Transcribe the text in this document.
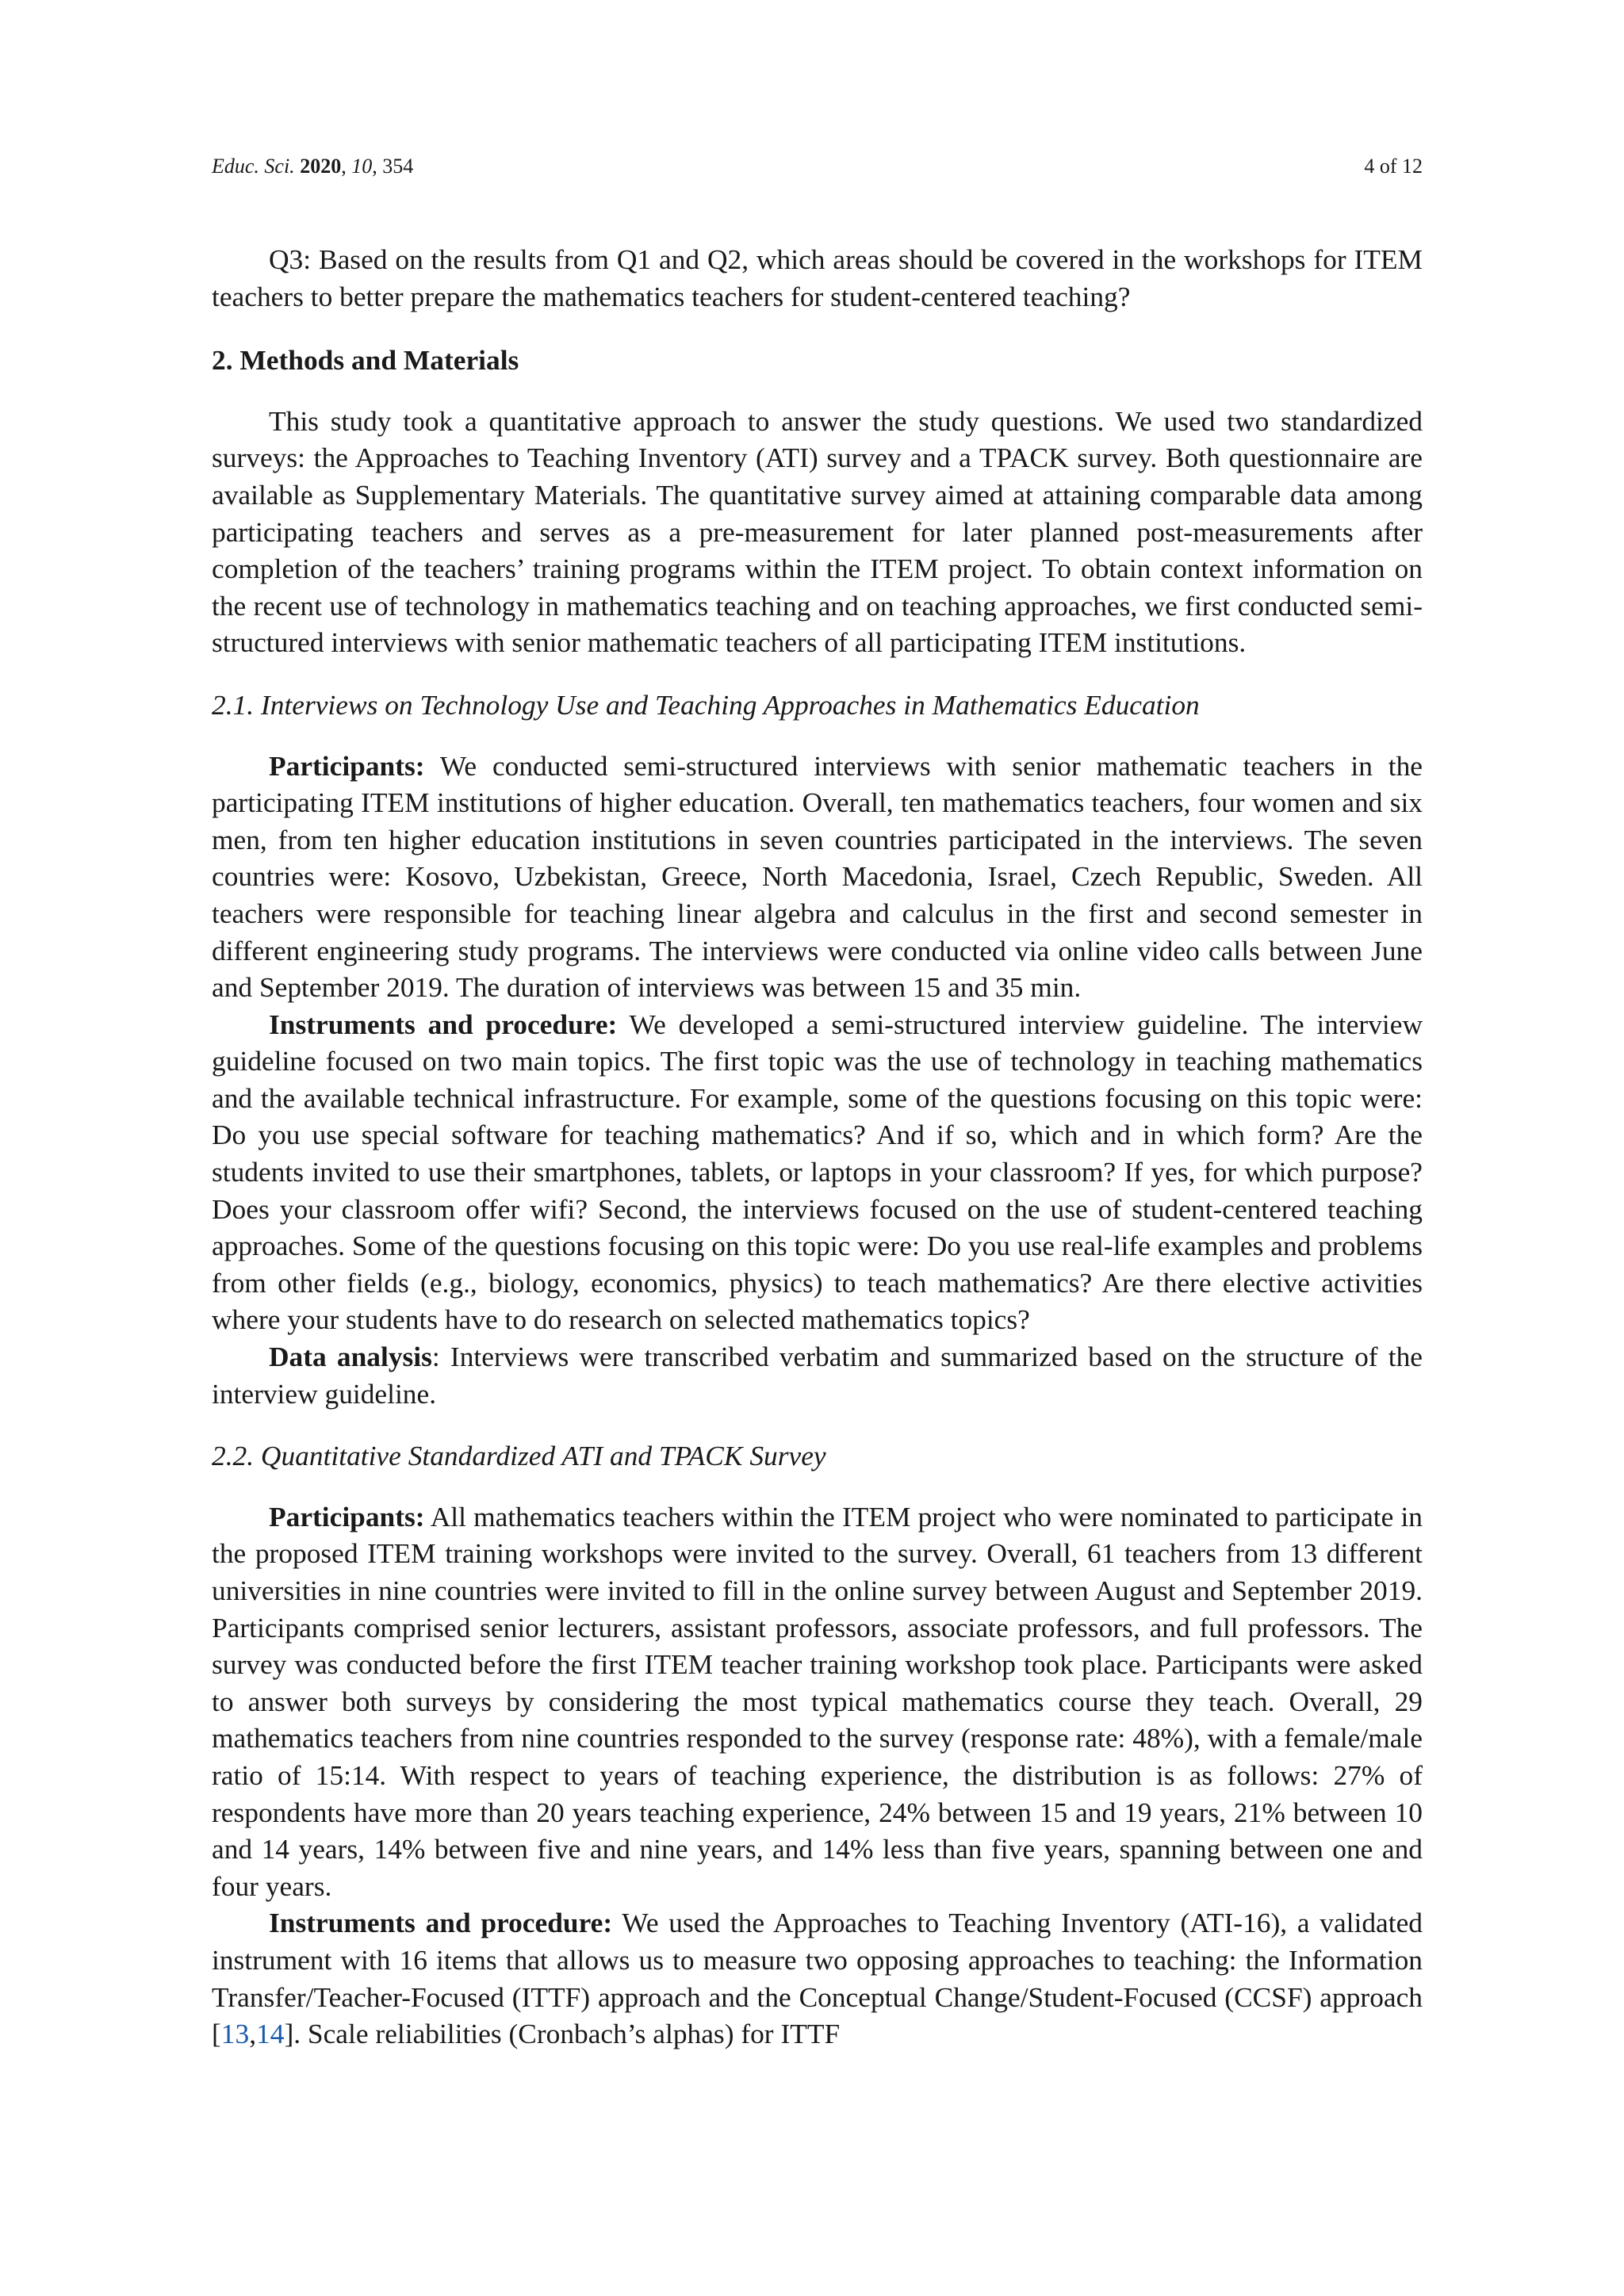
Educ. Sci. 2020, 10, 354	4 of 12

Q3: Based on the results from Q1 and Q2, which areas should be covered in the workshops for ITEM teachers to better prepare the mathematics teachers for student-centered teaching?

2. Methods and Materials

This study took a quantitative approach to answer the study questions. We used two standardized surveys: the Approaches to Teaching Inventory (ATI) survey and a TPACK survey. Both questionnaire are available as Supplementary Materials. The quantitative survey aimed at attaining comparable data among participating teachers and serves as a pre-measurement for later planned post-measurements after completion of the teachers’ training programs within the ITEM project. To obtain context information on the recent use of technology in mathematics teaching and on teaching approaches, we first conducted semi-structured interviews with senior mathematic teachers of all participating ITEM institutions.

2.1. Interviews on Technology Use and Teaching Approaches in Mathematics Education

Participants: We conducted semi-structured interviews with senior mathematic teachers in the participating ITEM institutions of higher education. Overall, ten mathematics teachers, four women and six men, from ten higher education institutions in seven countries participated in the interviews. The seven countries were: Kosovo, Uzbekistan, Greece, North Macedonia, Israel, Czech Republic, Sweden. All teachers were responsible for teaching linear algebra and calculus in the first and second semester in different engineering study programs. The interviews were conducted via online video calls between June and September 2019. The duration of interviews was between 15 and 35 min.

Instruments and procedure: We developed a semi-structured interview guideline. The interview guideline focused on two main topics. The first topic was the use of technology in teaching mathematics and the available technical infrastructure. For example, some of the questions focusing on this topic were: Do you use special software for teaching mathematics? And if so, which and in which form? Are the students invited to use their smartphones, tablets, or laptops in your classroom? If yes, for which purpose? Does your classroom offer wifi? Second, the interviews focused on the use of student-centered teaching approaches. Some of the questions focusing on this topic were: Do you use real-life examples and problems from other fields (e.g., biology, economics, physics) to teach mathematics? Are there elective activities where your students have to do research on selected mathematics topics?

Data analysis: Interviews were transcribed verbatim and summarized based on the structure of the interview guideline.

2.2. Quantitative Standardized ATI and TPACK Survey

Participants: All mathematics teachers within the ITEM project who were nominated to participate in the proposed ITEM training workshops were invited to the survey. Overall, 61 teachers from 13 different universities in nine countries were invited to fill in the online survey between August and September 2019. Participants comprised senior lecturers, assistant professors, associate professors, and full professors. The survey was conducted before the first ITEM teacher training workshop took place. Participants were asked to answer both surveys by considering the most typical mathematics course they teach. Overall, 29 mathematics teachers from nine countries responded to the survey (response rate: 48%), with a female/male ratio of 15:14. With respect to years of teaching experience, the distribution is as follows: 27% of respondents have more than 20 years teaching experience, 24% between 15 and 19 years, 21% between 10 and 14 years, 14% between five and nine years, and 14% less than five years, spanning between one and four years.

Instruments and procedure: We used the Approaches to Teaching Inventory (ATI-16), a validated instrument with 16 items that allows us to measure two opposing approaches to teaching: the Information Transfer/Teacher-Focused (ITTF) approach and the Conceptual Change/Student-Focused (CCSF) approach [13,14]. Scale reliabilities (Cronbach’s alphas) for ITTF
